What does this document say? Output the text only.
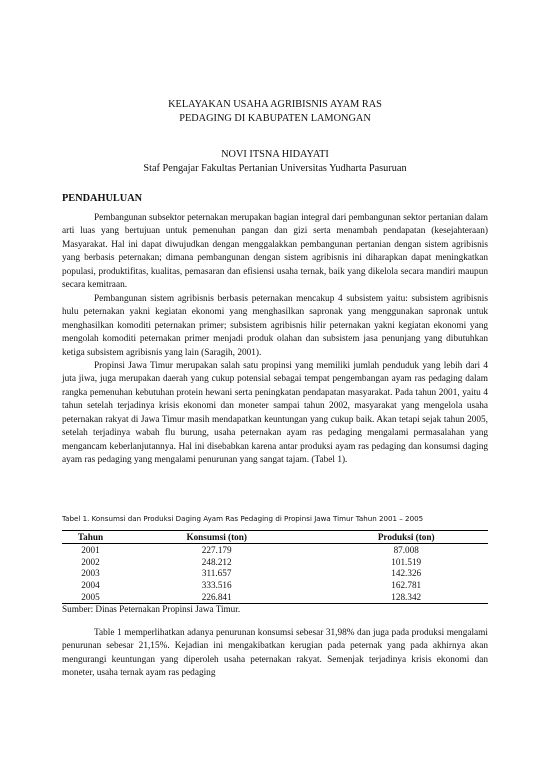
KELAYAKAN USAHA AGRIBISNIS AYAM RAS
PEDAGING DI KABUPATEN LAMONGAN
NOVI ITSNA HIDAYATI
Staf Pengajar Fakultas Pertanian Universitas Yudharta Pasuruan
PENDAHULUAN

Pembangunan subsektor peternakan merupakan bagian integral dari pembangunan sektor pertanian dalam arti luas yang bertujuan untuk pemenuhan pangan dan gizi serta menambah pendapatan (kesejahteraan) Masyarakat. Hal ini dapat diwujudkan dengan menggalakkan pembangunan pertanian dengan sistem agribisnis yang berbasis peternakan; dimana pembangunan dengan sistem agribisnis ini diharapkan dapat meningkatkan populasi, produktifitas, kualitas, pemasaran dan efisiensi usaha ternak, baik yang dikelola secara mandiri maupun secara kemitraan.

Pembangunan sistem agribisnis berbasis peternakan mencakup 4 subsistem yaitu: subsistem agribisnis hulu peternakan yakni kegiatan ekonomi yang menghasilkan sapronak yang menggunakan sapronak untuk menghasilkan komoditi peternakan primer; subsistem agribisnis hilir peternakan yakni kegiatan ekonomi yang mengolah komoditi peternakan primer menjadi produk olahan dan subsistem jasa penunjang yang dibutuhkan ketiga subsistem agribisnis yang lain (Saragih, 2001).

Propinsi Jawa Timur merupakan salah satu propinsi yang memiliki jumlah penduduk yang lebih dari 4 juta jiwa, juga merupakan daerah yang cukup potensial sebagai tempat pengembangan ayam ras pedaging dalam rangka pemenuhan kebutuhan protein hewani serta peningkatan pendapatan masyarakat. Pada tahun 2001, yaitu 4 tahun setelah terjadinya krisis ekonomi dan moneter sampai tahun 2002, masyarakat yang mengelola usaha peternakan rakyat di Jawa Timur masih mendapatkan keuntungan yang cukup baik. Akan tetapi sejak tahun 2005, setelah terjadinya wabah flu burung, usaha peternakan ayam ras pedaging mengalami permasalahan yang mengancam keberlanjutannya. Hal ini disebabkan karena antar produksi ayam ras pedaging dan konsumsi daging ayam ras pedaging yang mengalami penurunan yang sangat tajam. (Tabel 1).

Tabel 1. Konsumsi dan Produksi Daging Ayam Ras Pedaging di Propinsi Jawa Timur Tahun 2001 – 2005
Tahun	Konsumsi (ton)	Produksi (ton)
2001	227.179	87.008
2002	248.212	101.519
2003	311.657	142.326
2004	333.516	162.781
2005	226.841	128.342
Sumber: Dinas Peternakan Propinsi Jawa Timur.

Table 1 memperlihatkan adanya penurunan konsumsi sebesar 31,98% dan juga pada produksi mengalami penurunan sebesar 21,15%. Kejadian ini mengakibatkan kerugian pada peternak yang pada akhirnya akan mengurangi keuntungan yang diperoleh usaha peternakan rakyat. Semenjak terjadinya krisis ekonomi dan moneter, usaha ternak ayam ras pedaging
